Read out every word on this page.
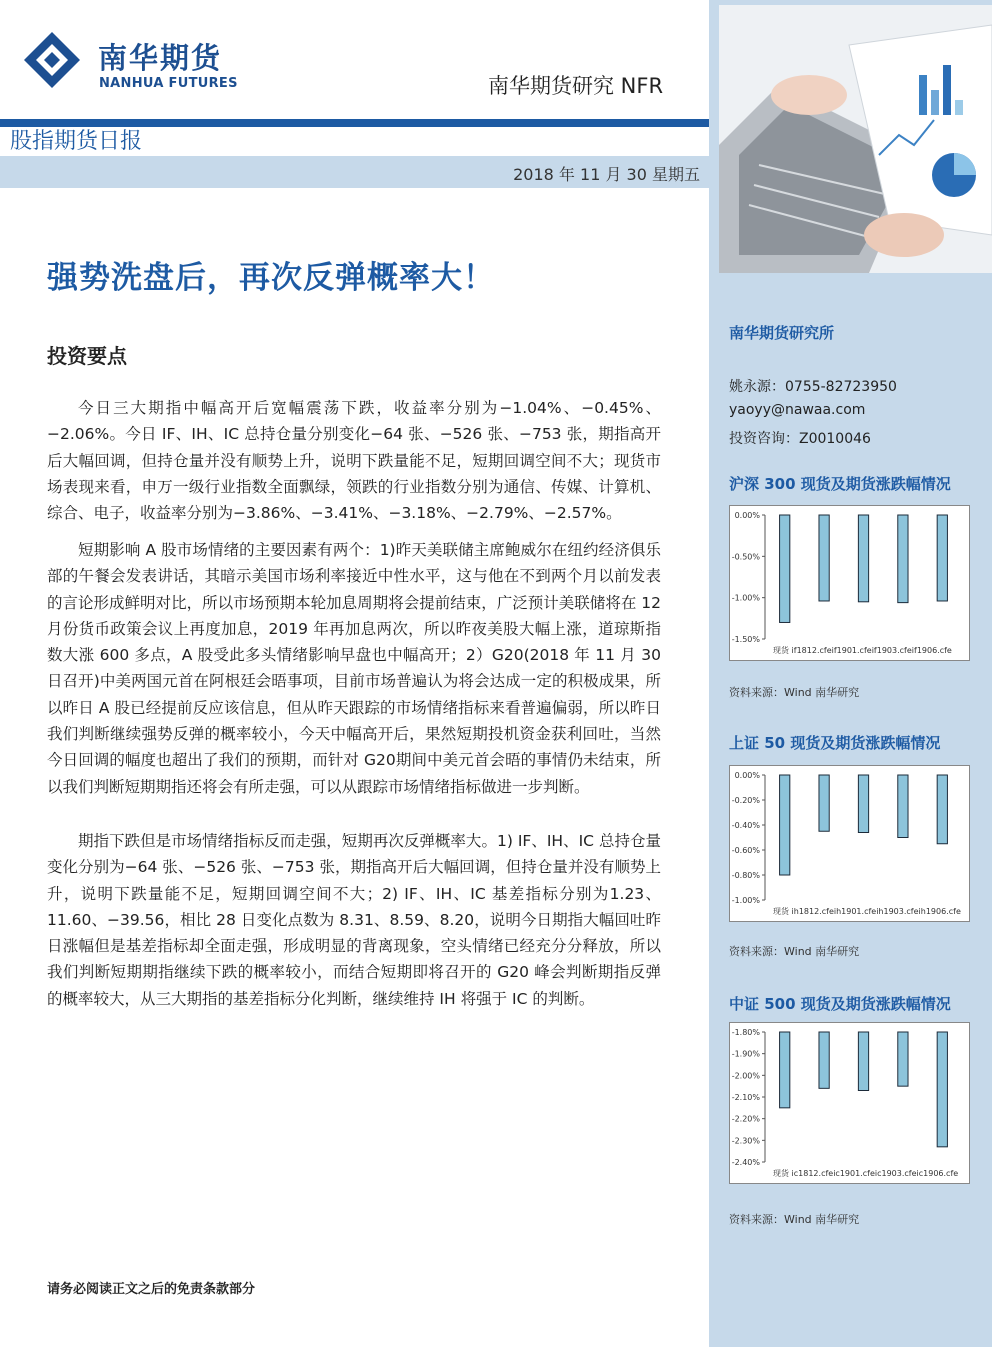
南华期货
NANHUA FUTURES	南华期货研究 NFR
股指期货日报
2018 年 11 月 30 星期五
强势洗盘后，再次反弹概率大！
投资要点

今日三大期指中幅高开后宽幅震荡下跌，收益率分别为−1.04%、−0.45%、−2.06%。今日 IF、IH、IC 总持仓量分别变化−64 张、−526 张、−753 张，期指高开后大幅回调，但持仓量并没有顺势上升，说明下跌量能不足，短期回调空间不大；现货市场表现来看，申万一级行业指数全面飘绿，领跌的行业指数分别为通信、传媒、计算机、综合、电子，收益率分别为−3.86%、−3.41%、−3.18%、−2.79%、−2.57%。

短期影响 A 股市场情绪的主要因素有两个：1)昨天美联储主席鲍威尔在纽约经济俱乐部的午餐会发表讲话，其暗示美国市场利率接近中性水平，这与他在不到两个月以前发表的言论形成鲜明对比，所以市场预期本轮加息周期将会提前结束，广泛预计美联储将在 12 月份货币政策会议上再度加息，2019 年再加息两次，所以昨夜美股大幅上涨，道琼斯指数大涨 600 多点，A 股受此多头情绪影响早盘也中幅高开；2）G20(2018 年 11 月 30 日召开)中美两国元首在阿根廷会晤事项，目前市场普遍认为将会达成一定的积极成果，所以昨日 A 股已经提前反应该信息，但从昨天跟踪的市场情绪指标来看普遍偏弱，所以昨日我们判断继续强势反弹的概率较小，今天中幅高开后，果然短期投机资金获利回吐，当然今日回调的幅度也超出了我们的预期，而针对 G20期间中美元首会晤的事情仍未结束，所以我们判断短期期指还将会有所走强，可以从跟踪市场情绪指标做进一步判断。

期指下跌但是市场情绪指标反而走强，短期再次反弹概率大。1) IF、IH、IC 总持仓量变化分别为−64 张、−526 张、−753 张，期指高开后大幅回调，但持仓量并没有顺势上升，说明下跌量能不足，短期回调空间不大；2) IF、IH、IC 基差指标分别为1.23、11.60、−39.56，相比 28 日变化点数为 8.31、8.59、8.20，说明今日期指大幅回吐昨日涨幅但是基差指标却全面走强，形成明显的背离现象，空头情绪已经充分分释放，所以我们判断短期期指继续下跌的概率较小，而结合短期即将召开的 G20 峰会判断期指反弹的概率较大，从三大期指的基差指标分化判断，继续维持 IH 将强于 IC 的判断。

请务必阅读正文之后的免责条款部分
南华期货研究所
姚永源：0755-82723950
yaoyy@nawaa.com
投资咨询：Z0010046
沪深 300 现货及期货涨跌幅情况
0.00%
-0.50%
-1.00%
-1.50%
现货 if1812.cfeif1901.cfeif1903.cfeif1906.cfe
资料来源：Wind 南华研究
上证 50 现货及期货涨跌幅情况
0.00%
-0.20%
-0.40%
-0.60%
-0.80%
-1.00%
现货 ih1812.cfeih1901.cfeih1903.cfeih1906.cfe
资料来源：Wind 南华研究
中证 500 现货及期货涨跌幅情况
-1.80%
-1.90%
-2.00%
-2.10%
-2.20%
-2.30%
-2.40%
现货 ic1812.cfeic1901.cfeic1903.cfeic1906.cfe
资料来源：Wind 南华研究
